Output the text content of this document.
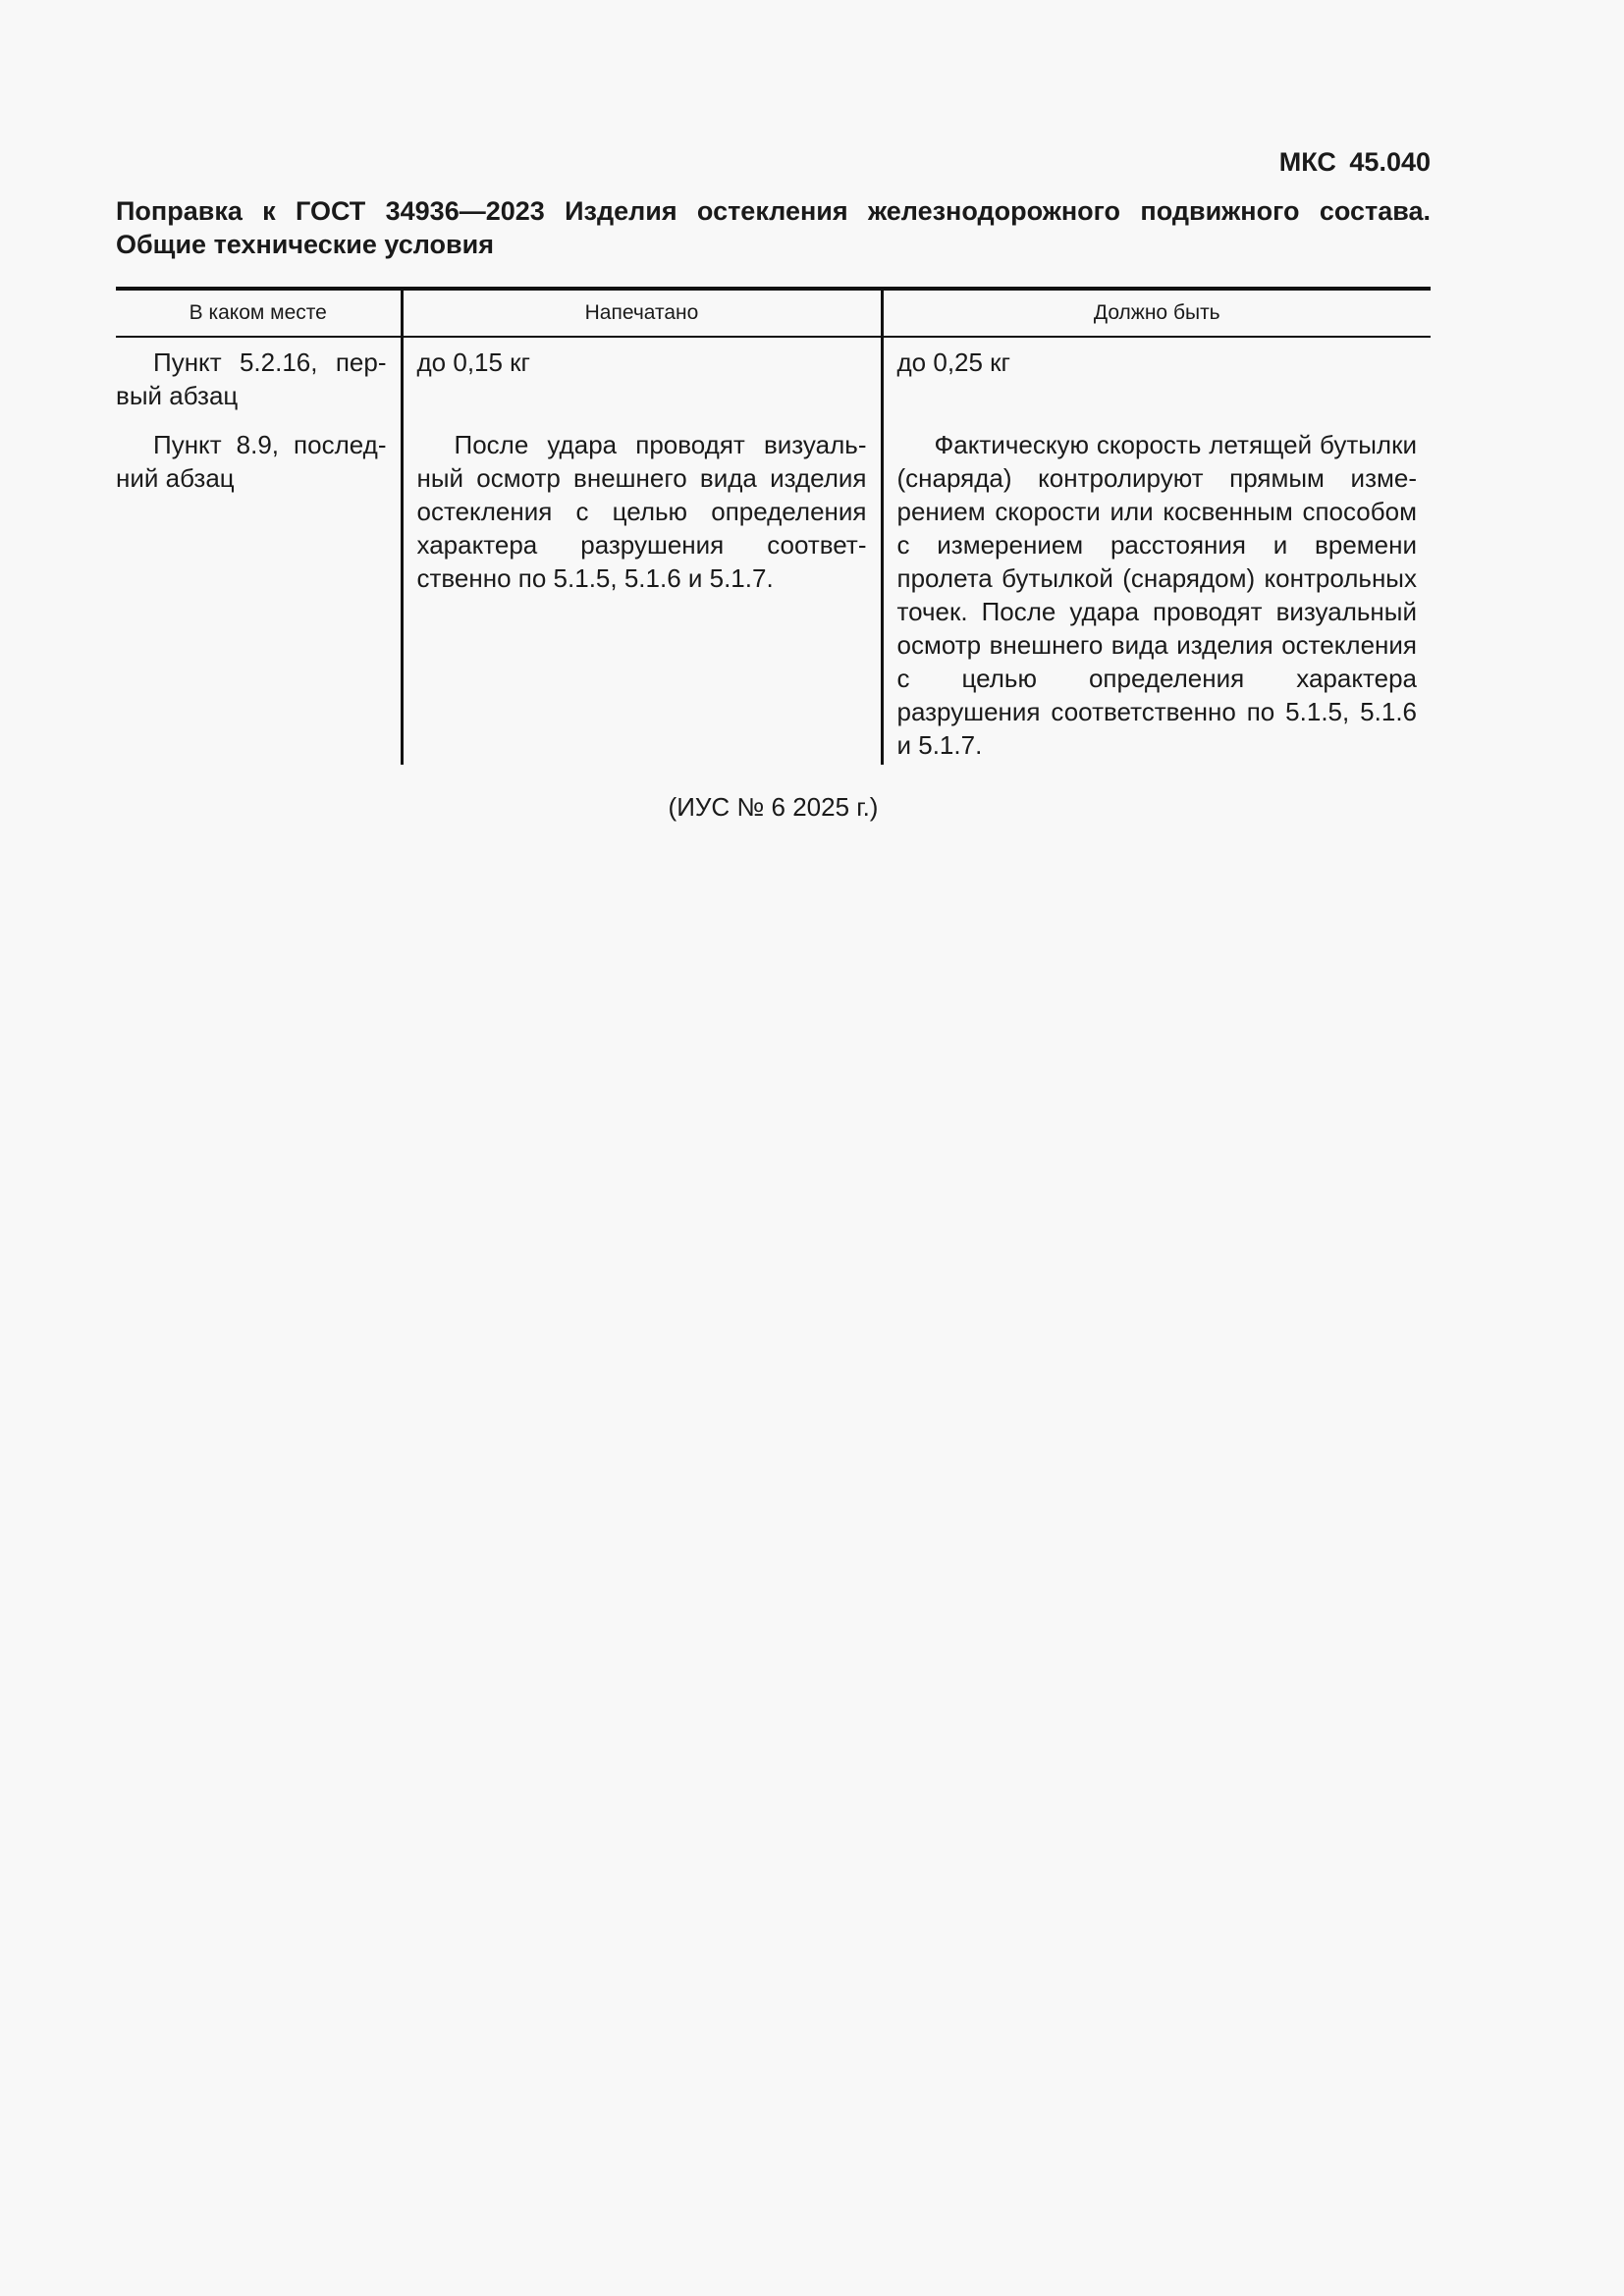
МКС 45.040
Поправка к ГОСТ 34936—2023 Изделия остекления железнодорожного подвижного состава.
Общие технические условия
В каком месте	Напечатано	Должно быть
Пункт 5.2.16, первый абзац	до 0,15 кг	до 0,25 кг
Пункт 8.9, последний абзац	После удара проводят визуальный осмотр внешнего вида изделия остекления с целью определения характера разрушения соответственно по 5.1.5, 5.1.6 и 5.1.7.	Фактическую скорость летящей бутылки (снаряда) контролируют прямым измерением скорости или косвенным способом с измерением расстояния и времени пролета бутылкой (снарядом) контрольных точек. После удара проводят визуальный осмотр внешнего вида изделия остекления с целью определения характера разрушения соответственно по 5.1.5, 5.1.6 и 5.1.7.
(ИУС № 6 2025 г.)
